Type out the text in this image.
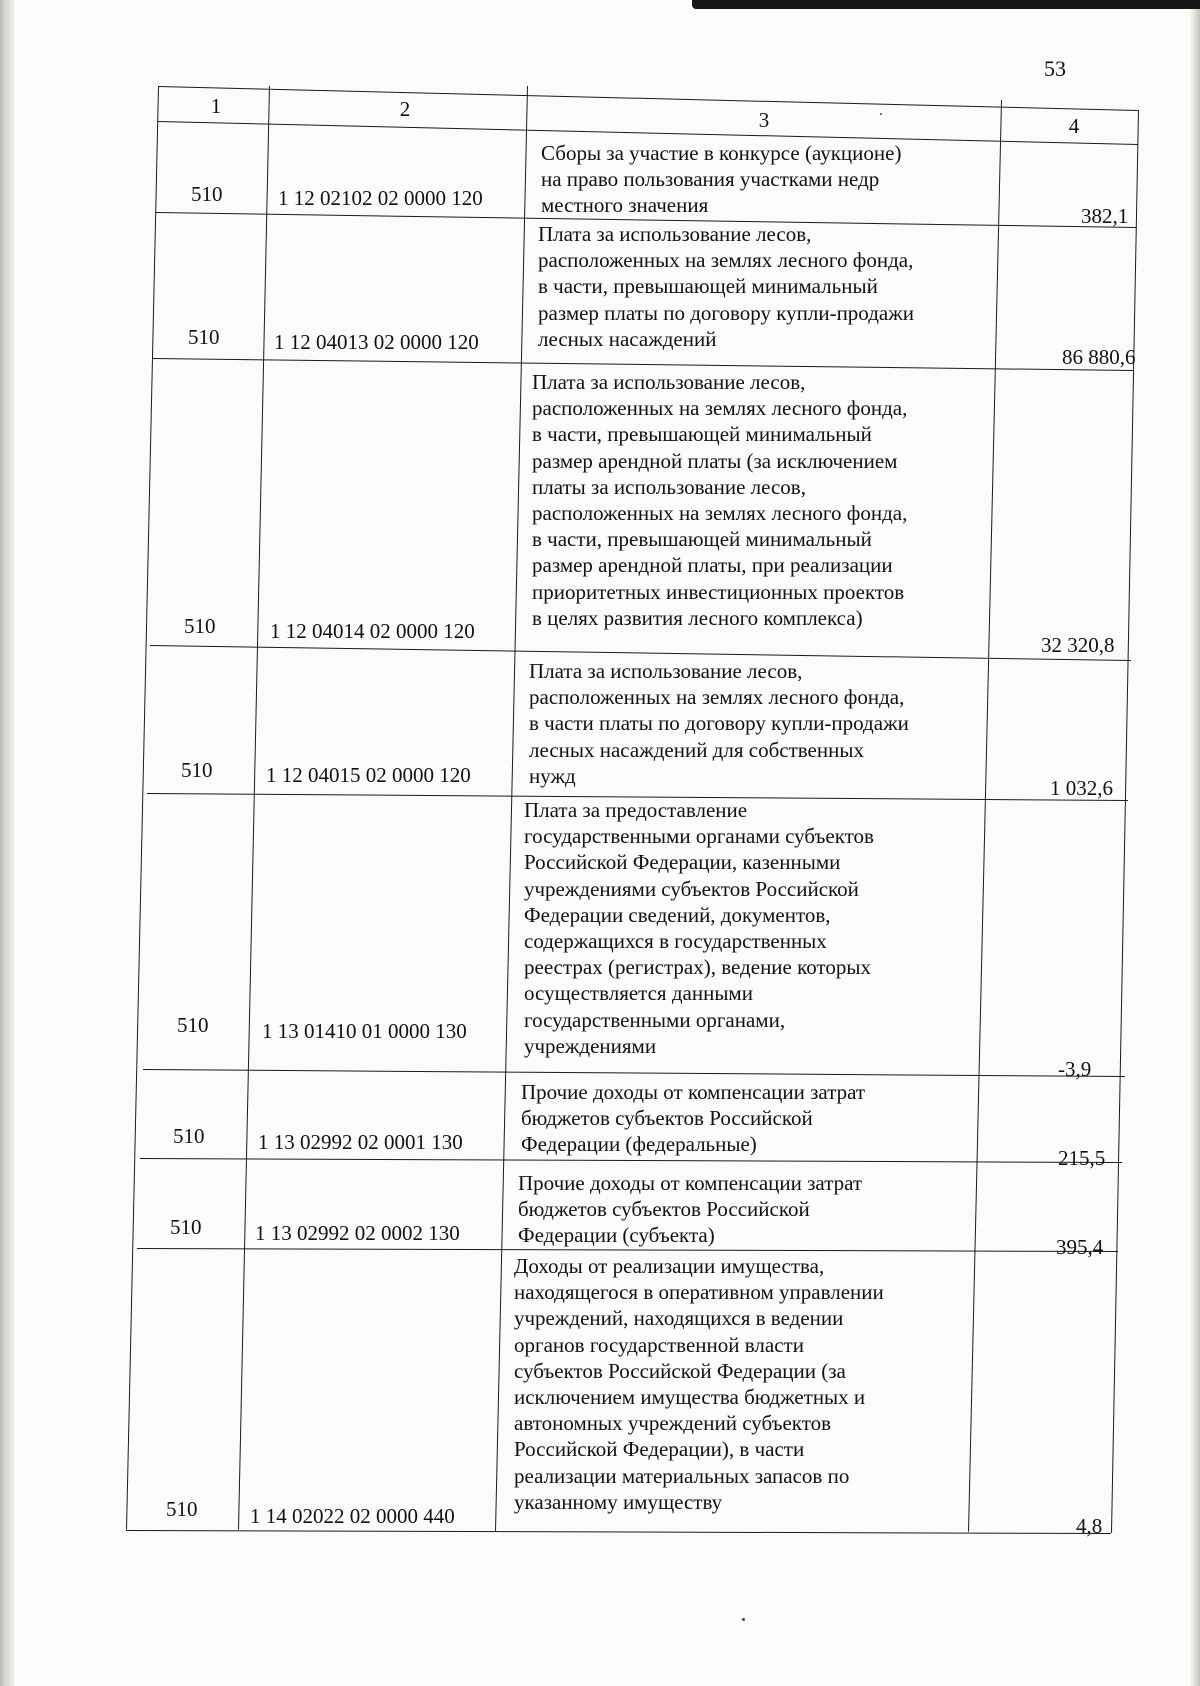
53
1	2	3	4
510	1 12 02102 02 0000 120
Сборы за участие в конкурсе (аукционе)
на право пользования участками недр
местного значения	382,1
510	1 12 04013 02 0000 120
Плата за использование лесов,
расположенных на землях лесного фонда,
в части, превышающей минимальный
размер платы по договору купли-продажи
лесных насаждений
86 880,6
510	1 12 04014 02 0000 120
Плата за использование лесов,
расположенных на землях лесного фонда,
в части, превышающей минимальный
размер арендной платы (за исключением
платы за использование лесов,
расположенных на землях лесного фонда,
в части, превышающей минимальный
размер арендной платы, при реализации
приоритетных инвестиционных проектов
в целях развития лесного комплекса)
32 320,8
510	1 12 04015 02 0000 120
Плата за использование лесов,
расположенных на землях лесного фонда,
в части платы по договору купли-продажи
лесных насаждений для собственных
нужд
1 032,6
510	1 13 01410 01 0000 130
Плата за предоставление
государственными органами субъектов
Российской Федерации, казенными
учреждениями субъектов Российской
Федерации сведений, документов,
содержащихся в государственных
реестрах (регистрах), ведение которых
осуществляется данными
государственными органами,
учреждениями
-3,9
510	1 13 02992 02 0001 130
Прочие доходы от компенсации затрат
бюджетов субъектов Российской
Федерации (федеральные)
215,5
510	1 13 02992 02 0002 130
Прочие доходы от компенсации затрат
бюджетов субъектов Российской
Федерации (субъекта)	395,4
510	1 14 02022 02 0000 440
Доходы от реализации имущества,
находящегося в оперативном управлении
учреждений, находящихся в ведении
органов государственной власти
субъектов Российской Федерации (за
исключением имущества бюджетных и
автономных учреждений субъектов
Российской Федерации), в части
реализации материальных запасов по
указанному имуществу
4,8
